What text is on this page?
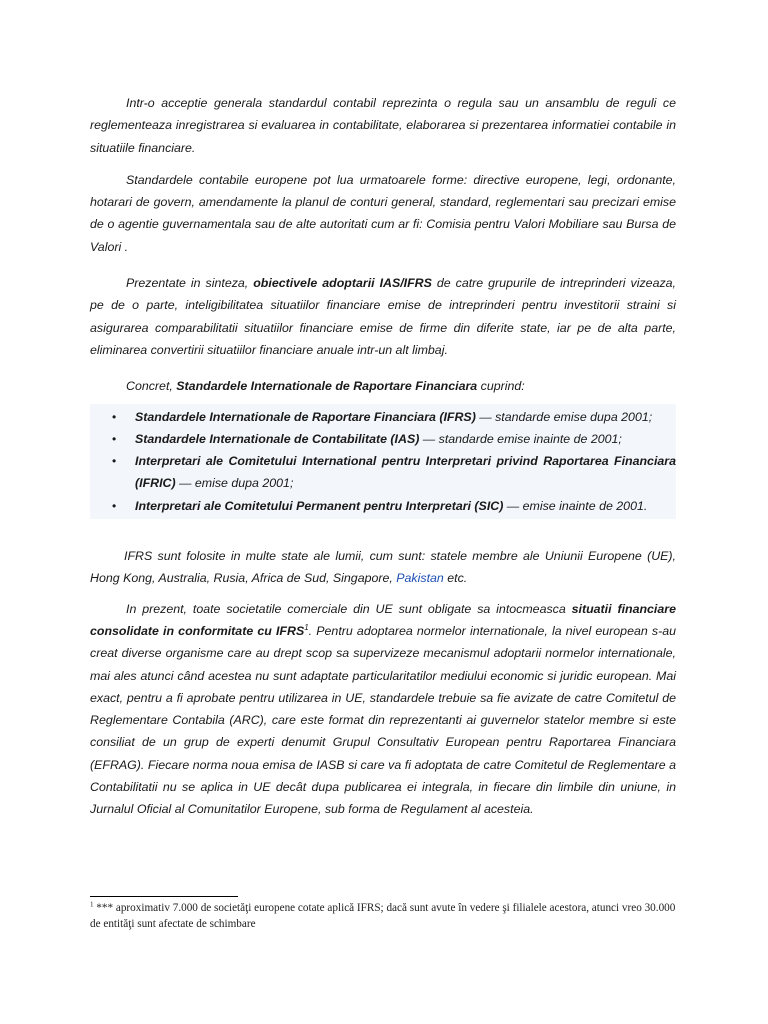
Intr-o acceptie generala standardul contabil reprezinta o regula sau un ansamblu de reguli ce reglementeaza inregistrarea si evaluarea in contabilitate, elaborarea si prezentarea informatiei contabile in situatiile financiare.

Standardele contabile europene pot lua urmatoarele forme: directive europene, legi, ordonante, hotarari de govern, amendamente la planul de conturi general, standard, reglementari sau precizari emise de o agentie guvernamentala sau de alte autoritati cum ar fi: Comisia pentru Valori Mobiliare sau Bursa de Valori .

Prezentate in sinteza, obiectivele adoptarii IAS/IFRS de catre grupurile de intreprinderi vizeaza, pe de o parte, inteligibilitatea situatiilor financiare emise de intreprinderi pentru investitorii straini si asigurarea comparabilitatii situatiilor financiare emise de firme din diferite state, iar pe de alta parte, eliminarea convertirii situatiilor financiare anuale intr-un alt limbaj.

Concret, Standardele Internationale de Raportare Financiara cuprind:

• Standardele Internationale de Raportare Financiara (IFRS) — standarde emise dupa 2001;
• Standardele Internationale de Contabilitate (IAS) — standarde emise inainte de 2001;
• Interpretari ale Comitetului International pentru Interpretari privind Raportarea Financiara (IFRIC) — emise dupa 2001;
• Interpretari ale Comitetului Permanent pentru Interpretari (SIC) — emise inainte de 2001.

IFRS sunt folosite in multe state ale lumii, cum sunt: statele membre ale Uniunii Europene (UE), Hong Kong, Australia, Rusia, Africa de Sud, Singapore, Pakistan etc.

In prezent, toate societatile comerciale din UE sunt obligate sa intocmeasca situatii financiare consolidate in conformitate cu IFRS$^1$. Pentru adoptarea normelor internationale, la nivel european s-au creat diverse organisme care au drept scop sa supervizeze mecanismul adoptarii normelor internationale, mai ales atunci când acestea nu sunt adaptate particularitatilor mediului economic si juridic european. Mai exact, pentru a fi aprobate pentru utilizarea in UE, standardele trebuie sa fie avizate de catre Comitetul de Reglementare Contabila (ARC), care este format din reprezentanti ai guvernelor statelor membre si este consiliat de un grup de experti denumit Grupul Consultativ European pentru Raportarea Financiara (EFRAG). Fiecare norma noua emisa de IASB si care va fi adoptata de catre Comitetul de Reglementare a Contabilitatii nu se aplica in UE decât dupa publicarea ei integrala, in fiecare din limbile din uniune, in Jurnalul Oficial al Comunitatilor Europene, sub forma de Regulament al acesteia.

$^1$ *** aproximativ 7.000 de societăţi europene cotate aplică IFRS; dacă sunt avute în vedere şi filialele acestora, atunci vreo 30.000 de entităţi sunt afectate de schimbare
